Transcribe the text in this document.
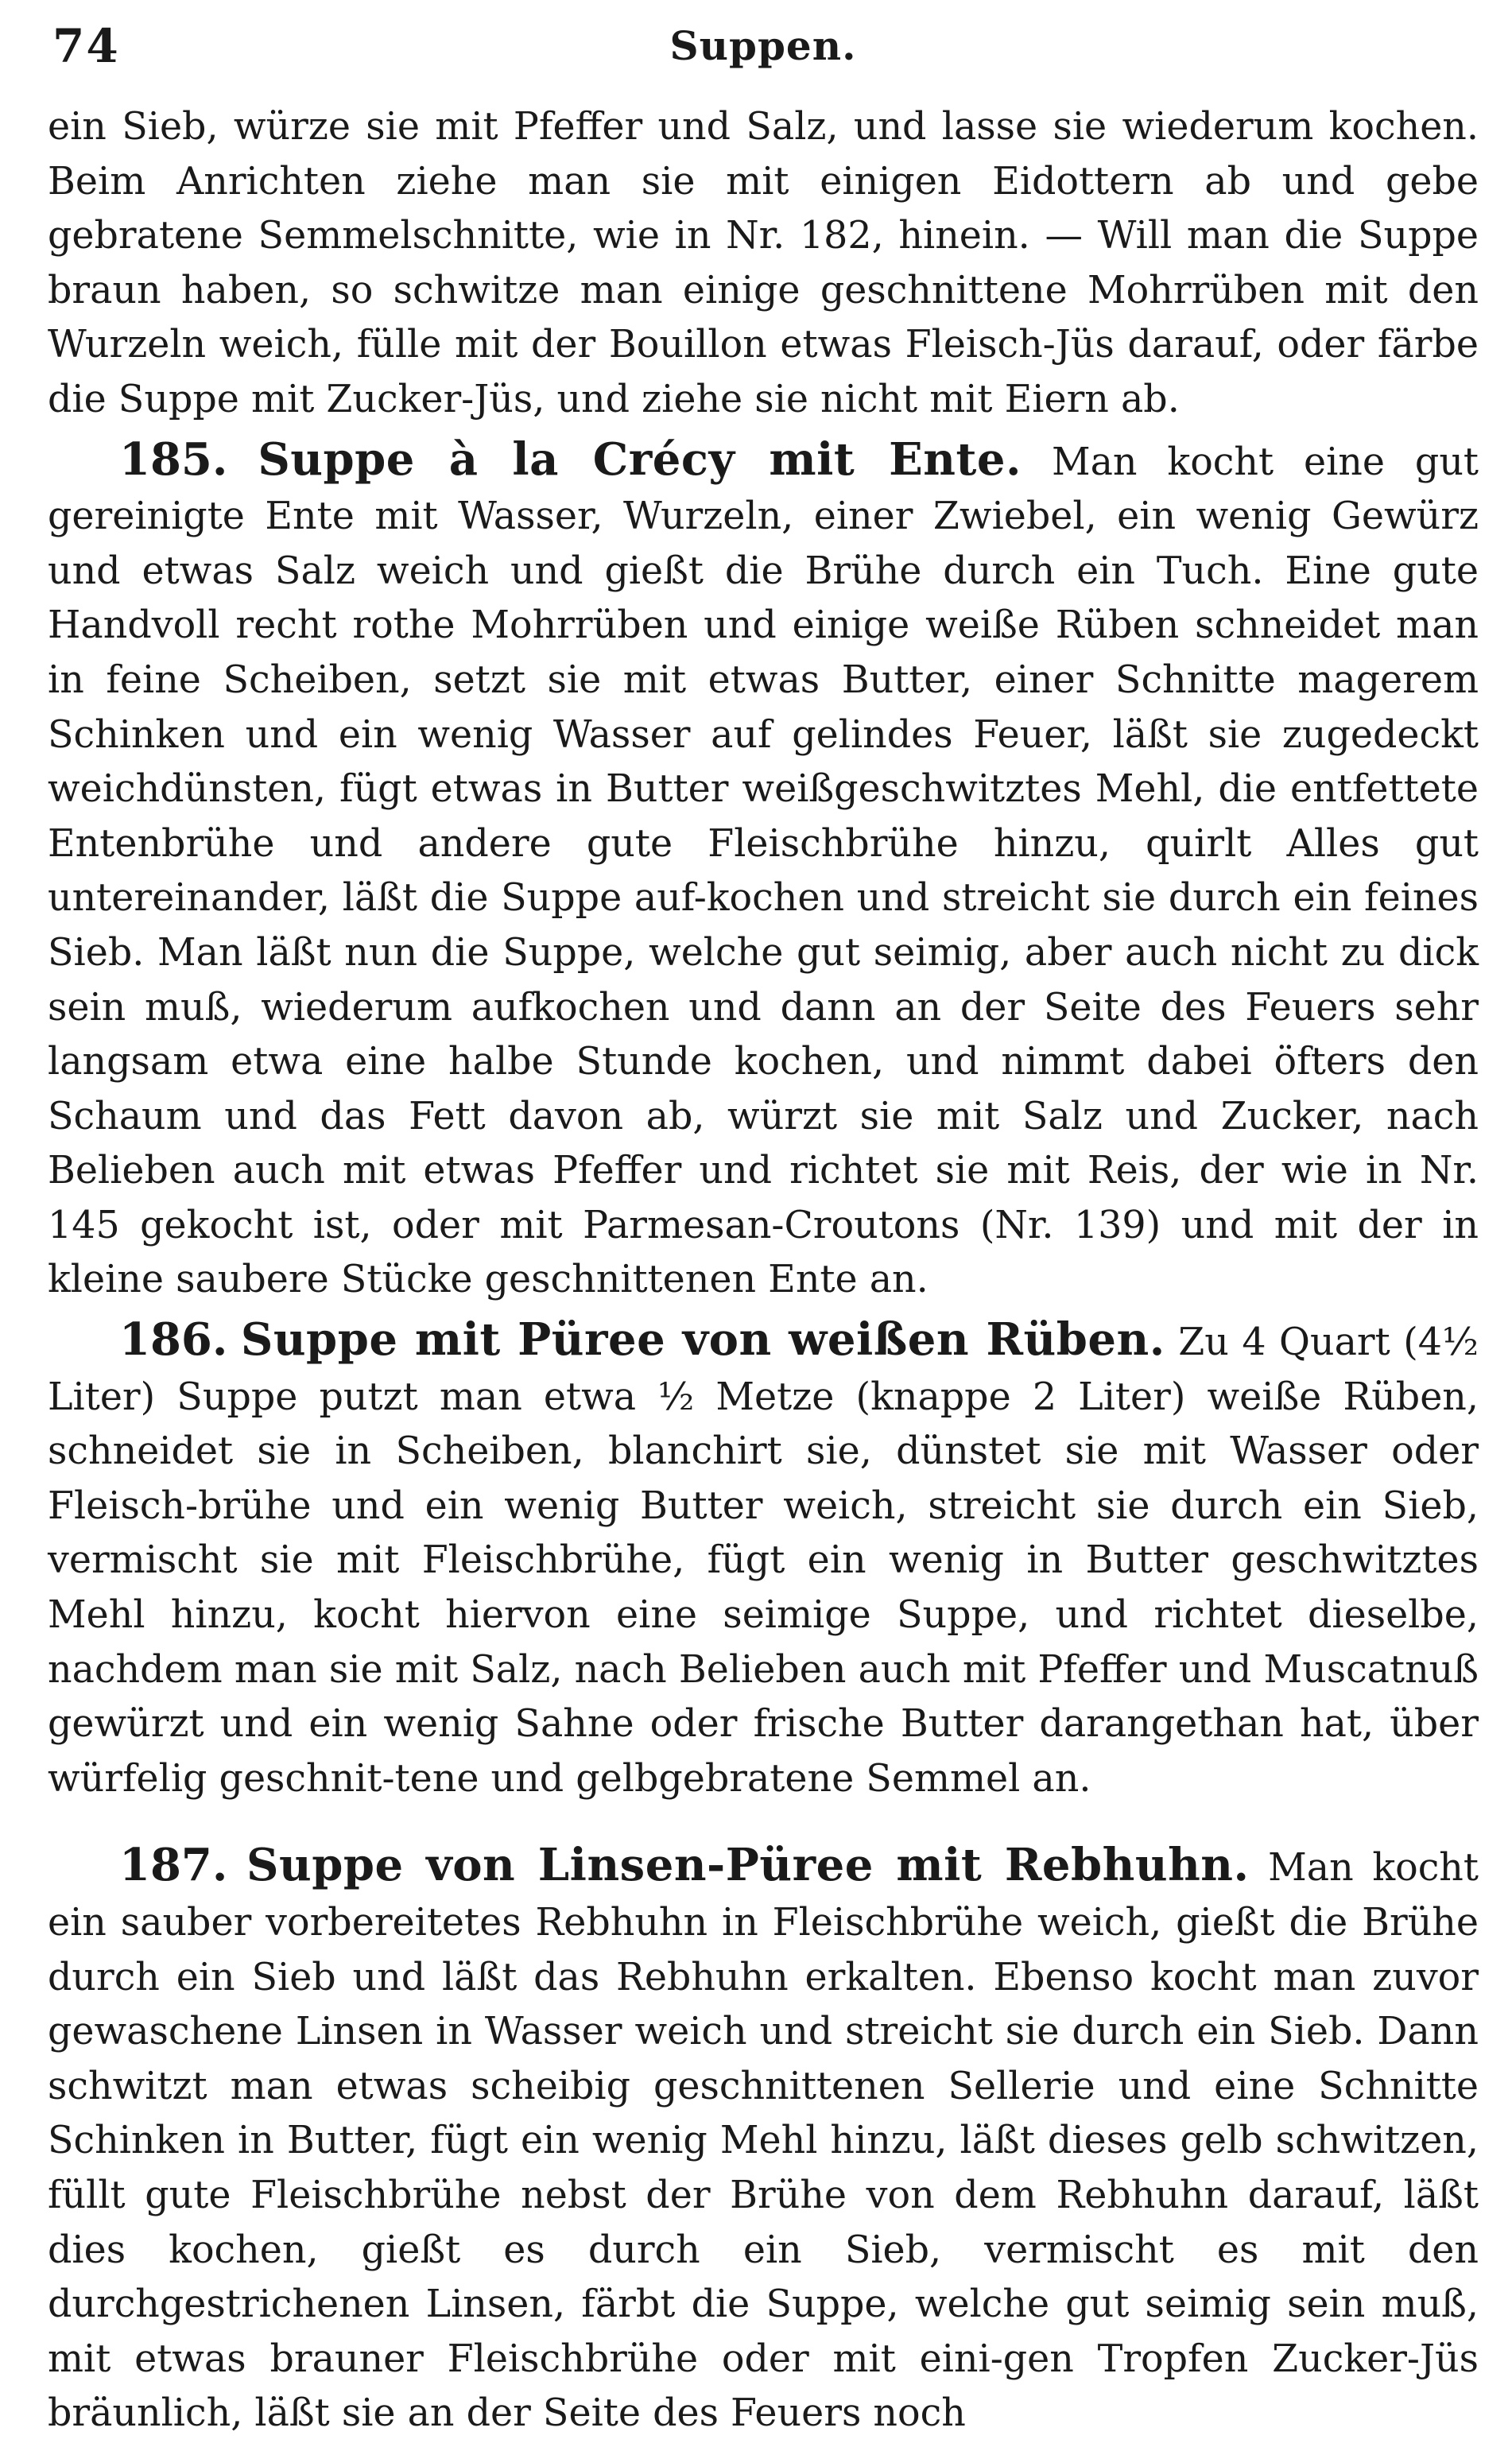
74	Suppen.

ein Sieb, würze sie mit Pfeffer und Salz, und lasse sie wiederum kochen. Beim Anrichten ziehe man sie mit einigen Eidottern ab und gebe gebratene Semmelschnitte, wie in Nr. 182, hinein. — Will man die Suppe braun haben, so schwitze man einige geschnittene Mohrrüben mit den Wurzeln weich, fülle mit der Bouillon etwas Fleisch-Jüs darauf, oder färbe die Suppe mit Zucker-Jüs, und ziehe sie nicht mit Eiern ab.

185. Suppe à la Crécy mit Ente. Man kocht eine gut gereinigte Ente mit Wasser, Wurzeln, einer Zwiebel, ein wenig Gewürz und etwas Salz weich und gießt die Brühe durch ein Tuch. Eine gute Handvoll recht rothe Mohrrüben und einige weiße Rüben schneidet man in feine Scheiben, setzt sie mit etwas Butter, einer Schnitte magerem Schinken und ein wenig Wasser auf gelindes Feuer, läßt sie zugedeckt weichdünsten, fügt etwas in Butter weißgeschwitztes Mehl, die entfettete Entenbrühe und andere gute Fleischbrühe hinzu, quirlt Alles gut untereinander, läßt die Suppe auf-kochen und streicht sie durch ein feines Sieb. Man läßt nun die Suppe, welche gut seimig, aber auch nicht zu dick sein muß, wiederum aufkochen und dann an der Seite des Feuers sehr langsam etwa eine halbe Stunde kochen, und nimmt dabei öfters den Schaum und das Fett davon ab, würzt sie mit Salz und Zucker, nach Belieben auch mit etwas Pfeffer und richtet sie mit Reis, der wie in Nr. 145 gekocht ist, oder mit Parmesan-Croutons (Nr. 139) und mit der in kleine saubere Stücke geschnittenen Ente an.

186. Suppe mit Püree von weißen Rüben. Zu 4 Quart (4½ Liter) Suppe putzt man etwa ½ Metze (knappe 2 Liter) weiße Rüben, schneidet sie in Scheiben, blanchirt sie, dünstet sie mit Wasser oder Fleisch-brühe und ein wenig Butter weich, streicht sie durch ein Sieb, vermischt sie mit Fleischbrühe, fügt ein wenig in Butter geschwitztes Mehl hinzu, kocht hiervon eine seimige Suppe, und richtet dieselbe, nachdem man sie mit Salz, nach Belieben auch mit Pfeffer und Muscatnuß gewürzt und ein wenig Sahne oder frische Butter darangethan hat, über würfelig geschnit-tene und gelbgebratene Semmel an.

187. Suppe von Linsen-Püree mit Rebhuhn. Man kocht ein sauber vorbereitetes Rebhuhn in Fleischbrühe weich, gießt die Brühe durch ein Sieb und läßt das Rebhuhn erkalten. Ebenso kocht man zuvor gewaschene Linsen in Wasser weich und streicht sie durch ein Sieb. Dann schwitzt man etwas scheibig geschnittenen Sellerie und eine Schnitte Schinken in Butter, fügt ein wenig Mehl hinzu, läßt dieses gelb schwitzen, füllt gute Fleischbrühe nebst der Brühe von dem Rebhuhn darauf, läßt dies kochen, gießt es durch ein Sieb, vermischt es mit den durchgestrichenen Linsen, färbt die Suppe, welche gut seimig sein muß, mit etwas brauner Fleischbrühe oder mit eini-gen Tropfen Zucker-Jüs bräunlich, läßt sie an der Seite des Feuers noch
